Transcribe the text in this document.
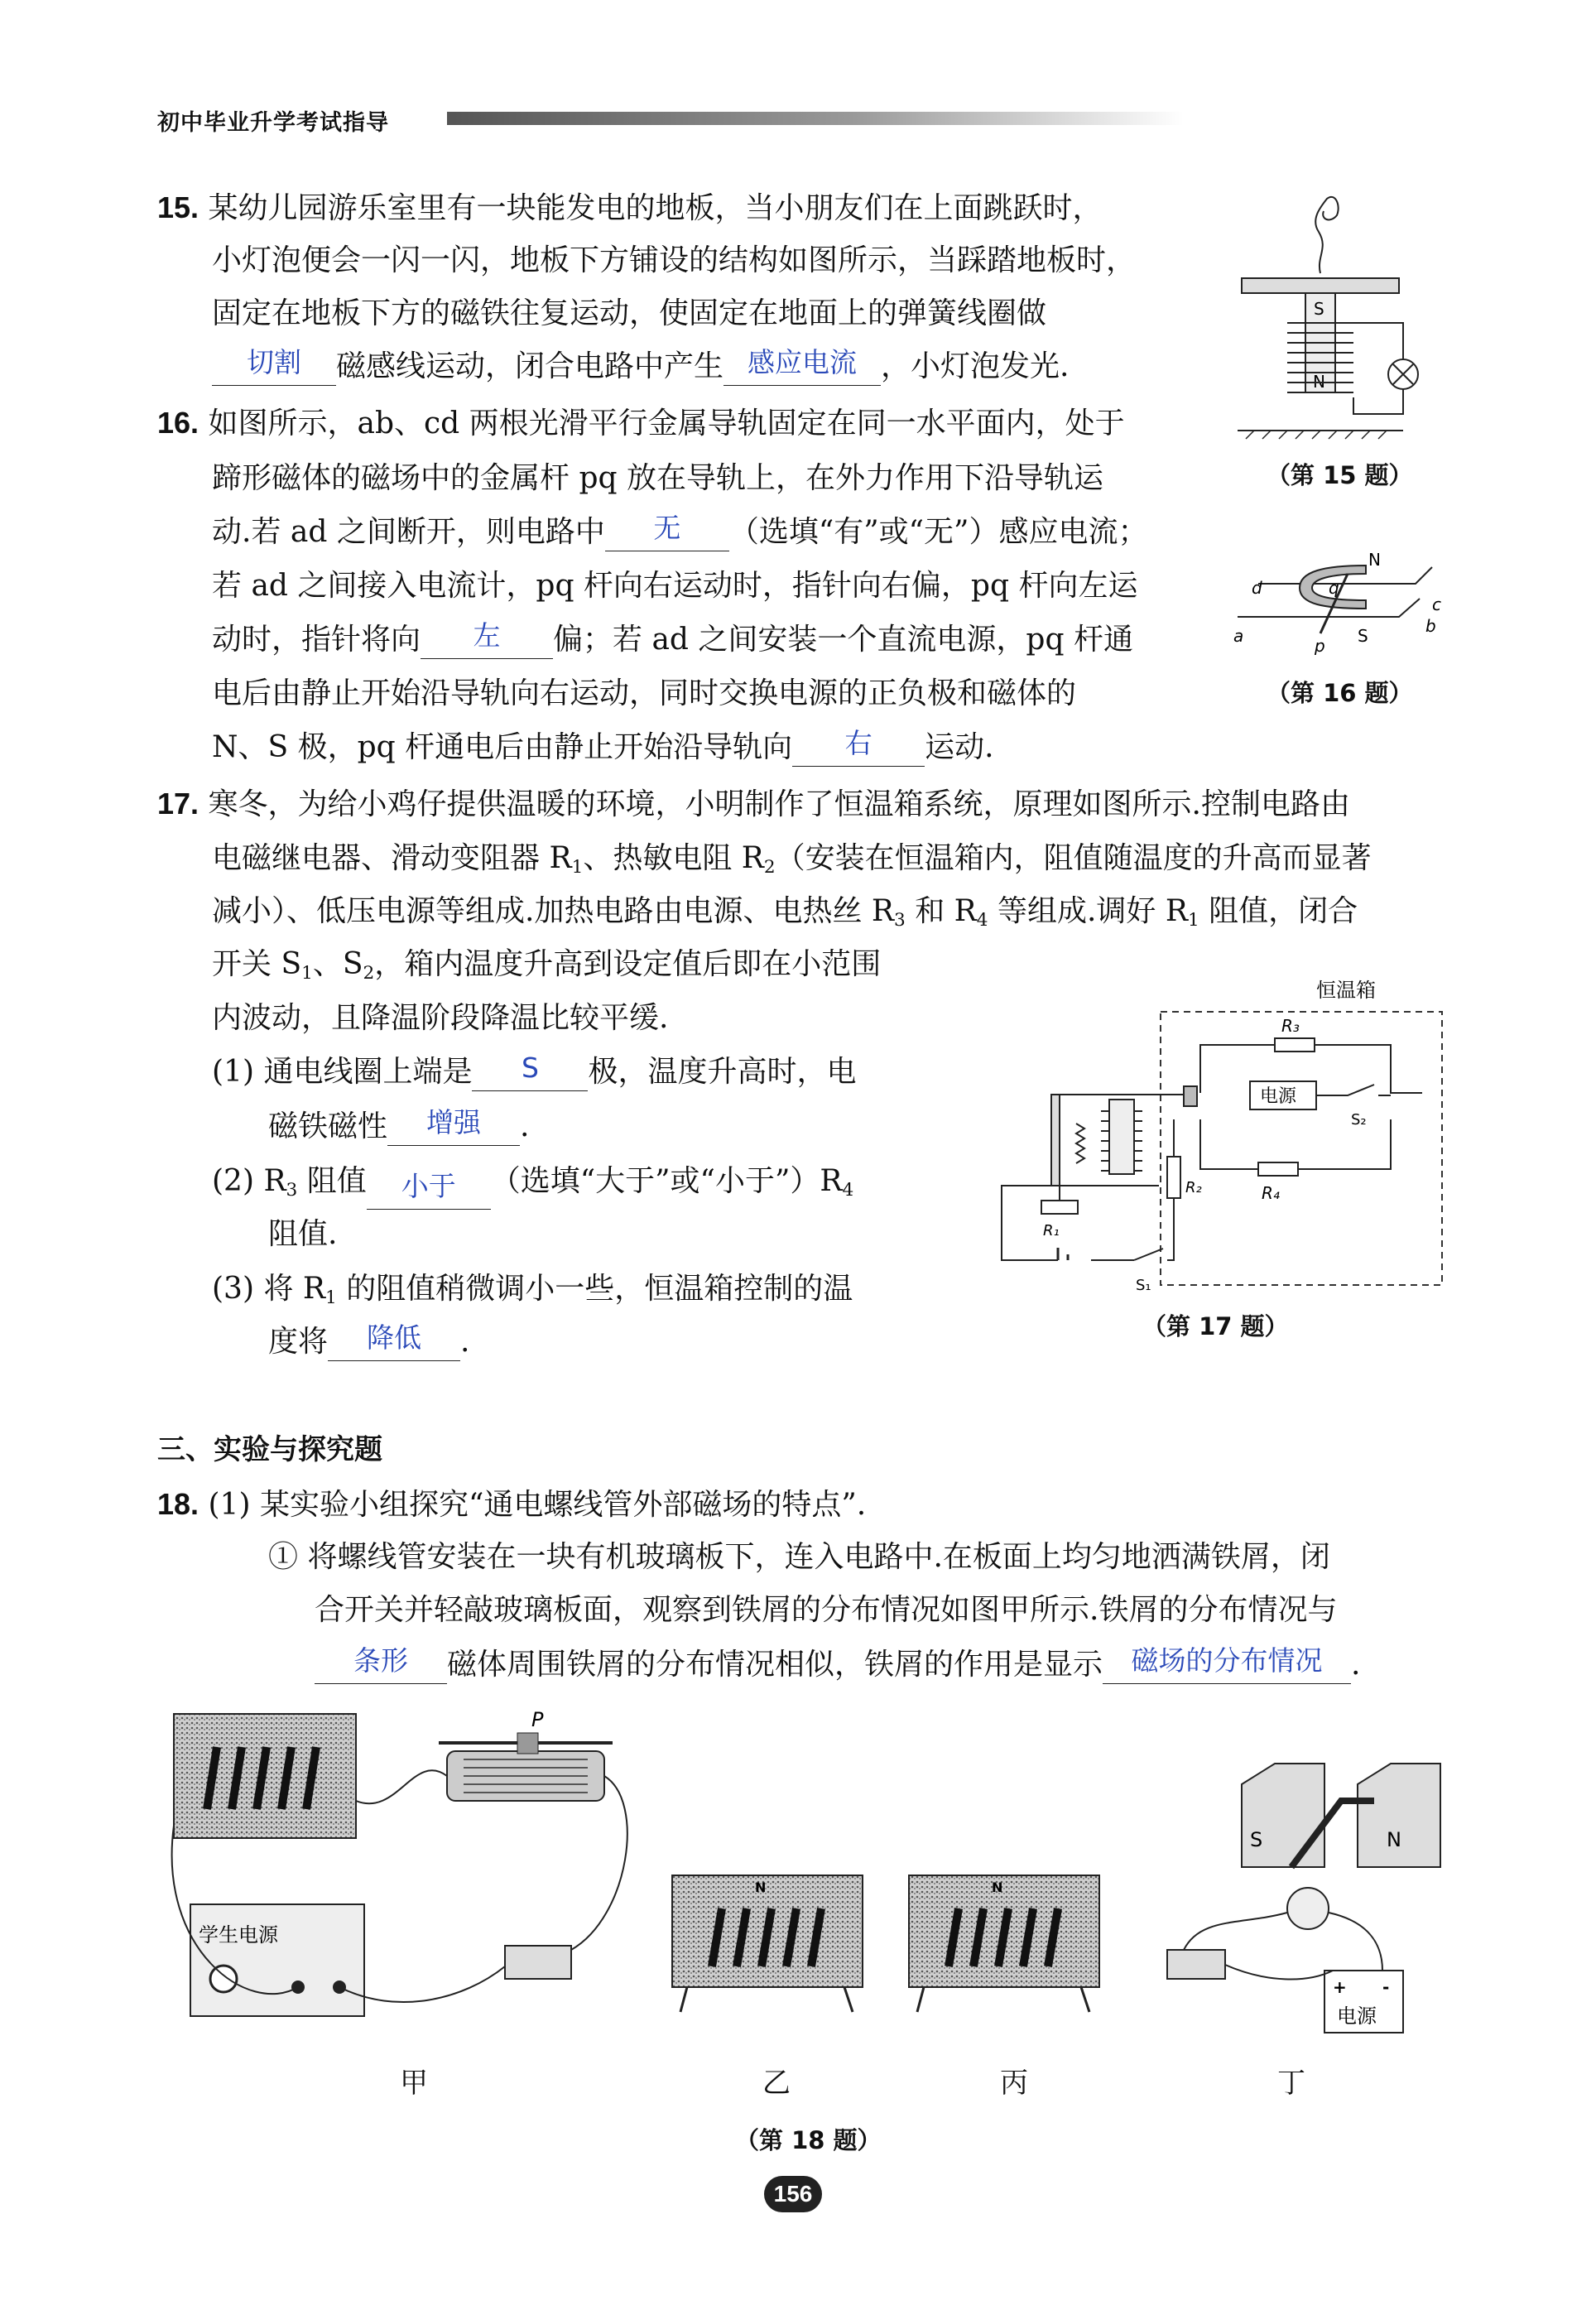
初中毕业升学考试指导
15. 某幼儿园游乐室里有一块能发电的地板，当小朋友们在上面跳跃时，
小灯泡便会一闪一闪，地板下方铺设的结构如图所示，当踩踏地板时，
固定在地板下方的磁铁往复运动，使固定在地面上的弹簧线圈做
切割	磁感线运动，闭合电路中产生 感应电流 ，小灯泡发光.
S
N
（第 15 题）
16. 如图所示，ab、cd 两根光滑平行金属导轨固定在同一水平面内，处于
蹄形磁体的磁场中的金属杆 pq 放在导轨上，在外力作用下沿导轨运
动.若 ad 之间断开，则电路中	无	（选填“有”或“无”）感应电流；
若 ad 之间接入电流计，pq 杆向右运动时，指针向右偏，pq 杆向左运
动时，指针将向	左	偏；若 ad 之间安装一个直流电源，pq 杆通
电后由静止开始沿导轨向右运动，同时交换电源的正负极和磁体的
N、S 极，pq 杆通电后由静止开始沿导轨向	右	运动.
N
S
a	b
c
d
p
q
（第 16 题）
17. 寒冬，为给小鸡仔提供温暖的环境，小明制作了恒温箱系统，原理如图所示.控制电路由
电磁继电器、滑动变阻器 $R_1$、热敏电阻 $R_2$（安装在恒温箱内，阻值随温度的升高而显著
减小）、低压电源等组成.加热电路由电源、电热丝 $R_3$ 和 $R_4$ 等组成.调好 $R_1$ 阻值，闭合
开关 $S_1$、$S_2$，箱内温度升高到设定值后即在小范围
内波动，且降温阶段降温比较平缓.
(1) 通电线圈上端是	S	极，温度升高时，电
磁铁磁性	增强	.
(2) $R_3$ 阻值	小于	（选填“大于”或“小于$”)R_4$
阻值.
(3) 将 $R_1$ 的阻值稍微调小一些，恒温箱控制的温
度将	降低	.
恒温箱
R₃
电源
S₂
R₄
R₂
R₁
S₁
（第 17 题）
三、实验与探究题
18. (1) 某实验小组探究“通电螺线管外部磁场的特点”.
① 将螺线管安装在一块有机玻璃板下，连入电路中.在板面上均匀地洒满铁屑，闭
合开关并轻敲玻璃板面，观察到铁屑的分布情况如图甲所示.铁屑的分布情况与
条形	磁体周围铁屑的分布情况相似，铁屑的作用是显示	磁场的分布情况 .
P
学生电源
N	N
S	N
+ -
电源
甲	乙	丙	丁
（第 18 题）
156
